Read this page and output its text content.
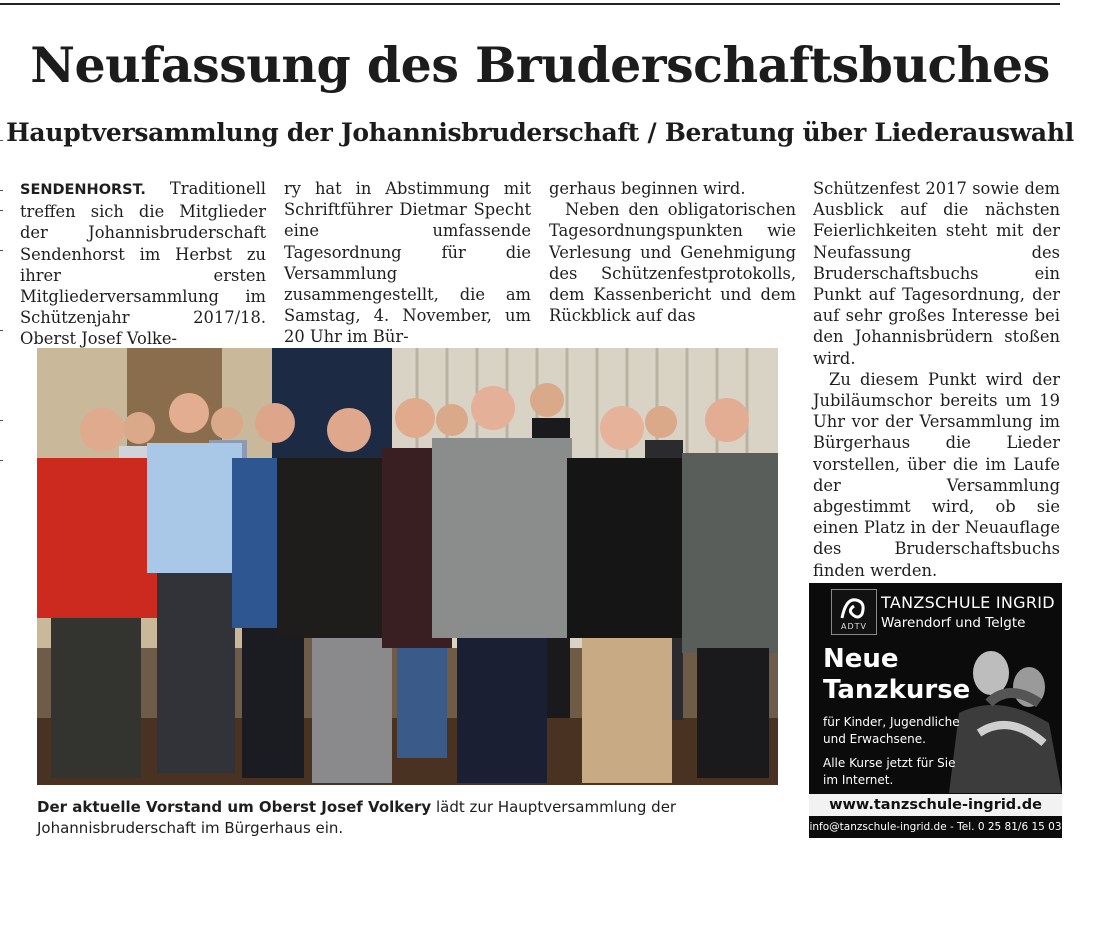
Neufassung des Bruderschaftsbuches
Hauptversammlung der Johannisbruderschaft / Beratung über Liederauswahl

SENDENHORST. Traditionell treffen sich die Mitglieder der Johannisbruderschaft Sendenhorst im Herbst zu ihrer ersten Mitgliederversammlung im Schützenjahr 2017/18. Oberst Josef Volke-

ry hat in Abstimmung mit Schriftführer Dietmar Specht eine umfassende Tagesordnung für die Versammlung zusammengestellt, die am Samstag, 4. November, um 20 Uhr im Bür-

gerhaus beginnen wird.

Neben den obligatorischen Tagesordnungspunkten wie Verlesung und Genehmigung des Schützenfestprotokolls, dem Kassenbericht und dem Rückblick auf das

Schützenfest 2017 sowie dem Ausblick auf die nächsten Feierlichkeiten steht mit der Neufassung des Bruderschaftsbuchs ein Punkt auf Tagesordnung, der auf sehr großes Interesse bei den Johannisbrüdern stoßen wird.

Zu diesem Punkt wird der Jubiläumschor bereits um 19 Uhr vor der Versammlung im Bürgerhaus die Lieder vorstellen, über die im Laufe der Versammlung abgestimmt wird, ob sie einen Platz in der Neuauflage des Bruderschaftsbuchs finden werden.

Der aktuelle Vorstand um Oberst Josef Volkery lädt zur Hauptversammlung der Johannisbruderschaft im Bürgerhaus ein.
ADTV
TANZSCHULE INGRID
Warendorf und Telgte
Neue
Tanzkurse
für Kinder, Jugendliche und Erwachsene.
Alle Kurse jetzt für Sie im Internet.
www.tanzschule-ingrid.de
info@tanzschule-ingrid.de - Tel. 0 25 81/6 15 03
